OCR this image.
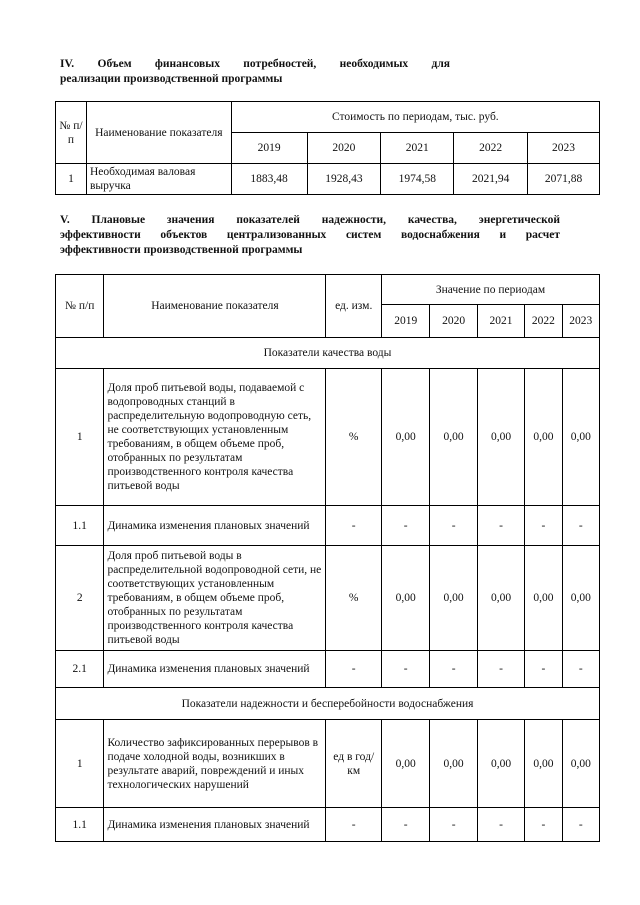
IV. Объем финансовых потребностей, необходимых для
реализации производственной программы
№ п/п	Наименование показателя	Стоимость по периодам, тыс. руб.				
		2019	2020	2021	2022	2023
1	Необходимая валовая выручка	1883,48	1928,43	1974,58	2021,94	2071,88
V. Плановые значения показателей надежности, качества, энергетической
эффективности объектов централизованных систем водоснабжения и расчет
эффективности производственной программы
№ п/п	Наименование показателя	ед. изм.	Значение по периодам				
			2019	2020	2021	2022	2023
Показатели качества воды							
1	Доля проб питьевой воды, подаваемой с водопроводных станций в распределительную водопроводную сеть, не соответствующих установленным требованиям, в общем объеме проб, отобранных по результатам производственного контроля качества питьевой воды	%	0,00	0,00	0,00	0,00	0,00
1.1	Динамика изменения плановых значений	-	-	-	-	-	-
2	Доля проб питьевой воды в распределительной водопроводной сети, не соответствующих установленным требованиям, в общем объеме проб, отобранных по результатам производственного контроля качества питьевой воды	%	0,00	0,00	0,00	0,00	0,00
2.1	Динамика изменения плановых значений	-	-	-	-	-	-
Показатели надежности и бесперебойности водоснабжения							
1	Количество зафиксированных перерывов в подаче холодной воды, возникших в результате аварий, повреждений и иных технологических нарушений	ед в год/ км	0,00	0,00	0,00	0,00	0,00
1.1	Динамика изменения плановых значений	-	-	-	-	-	-
